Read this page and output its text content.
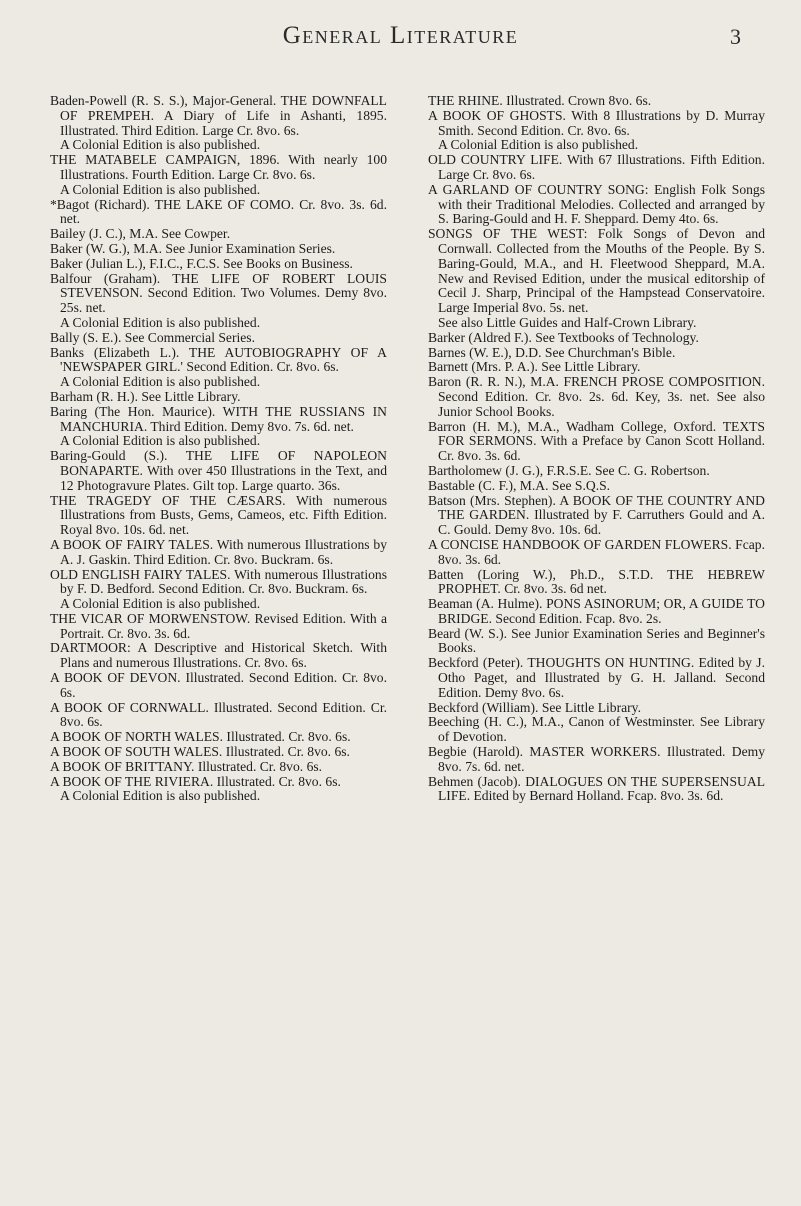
General Literature	3

Baden-Powell (R. S. S.), Major-General. THE DOWNFALL OF PREMPEH. A Diary of Life in Ashanti, 1895. Illustrated. Third Edition. Large Cr. 8vo. 6s.

A Colonial Edition is also published.

THE MATABELE CAMPAIGN, 1896. With nearly 100 Illustrations. Fourth Edition. Large Cr. 8vo. 6s.

A Colonial Edition is also published.

*Bagot (Richard). THE LAKE OF COMO. Cr. 8vo. 3s. 6d. net.

Bailey (J. C.), M.A. See Cowper.

Baker (W. G.), M.A. See Junior Examination Series.

Baker (Julian L.), F.I.C., F.C.S. See Books on Business.

Balfour (Graham). THE LIFE OF ROBERT LOUIS STEVENSON. Second Edition. Two Volumes. Demy 8vo. 25s. net.

A Colonial Edition is also published.

Bally (S. E.). See Commercial Series.

Banks (Elizabeth L.). THE AUTOBIOGRAPHY OF A 'NEWSPAPER GIRL.' Second Edition. Cr. 8vo. 6s.

A Colonial Edition is also published.

Barham (R. H.). See Little Library.

Baring (The Hon. Maurice). WITH THE RUSSIANS IN MANCHURIA. Third Edition. Demy 8vo. 7s. 6d. net.

A Colonial Edition is also published.

Baring-Gould (S.). THE LIFE OF NAPOLEON BONAPARTE. With over 450 Illustrations in the Text, and 12 Photogravure Plates. Gilt top. Large quarto. 36s.

THE TRAGEDY OF THE CÆSARS. With numerous Illustrations from Busts, Gems, Cameos, etc. Fifth Edition. Royal 8vo. 10s. 6d. net.

A BOOK OF FAIRY TALES. With numerous Illustrations by A. J. Gaskin. Third Edition. Cr. 8vo. Buckram. 6s.

OLD ENGLISH FAIRY TALES. With numerous Illustrations by F. D. Bedford. Second Edition. Cr. 8vo. Buckram. 6s.

A Colonial Edition is also published.

THE VICAR OF MORWENSTOW. Revised Edition. With a Portrait. Cr. 8vo. 3s. 6d.

DARTMOOR: A Descriptive and Historical Sketch. With Plans and numerous Illustrations. Cr. 8vo. 6s.

A BOOK OF DEVON. Illustrated. Second Edition. Cr. 8vo. 6s.

A BOOK OF CORNWALL. Illustrated. Second Edition. Cr. 8vo. 6s.

A BOOK OF NORTH WALES. Illustrated. Cr. 8vo. 6s.

A BOOK OF SOUTH WALES. Illustrated. Cr. 8vo. 6s.

A BOOK OF BRITTANY. Illustrated. Cr. 8vo. 6s.

A BOOK OF THE RIVIERA. Illustrated. Cr. 8vo. 6s.

A Colonial Edition is also published.

THE RHINE. Illustrated. Crown 8vo. 6s.

A BOOK OF GHOSTS. With 8 Illustrations by D. Murray Smith. Second Edition. Cr. 8vo. 6s.

A Colonial Edition is also published.

OLD COUNTRY LIFE. With 67 Illustrations. Fifth Edition. Large Cr. 8vo. 6s.

A GARLAND OF COUNTRY SONG: English Folk Songs with their Traditional Melodies. Collected and arranged by S. Baring-Gould and H. F. Sheppard. Demy 4to. 6s.

SONGS OF THE WEST: Folk Songs of Devon and Cornwall. Collected from the Mouths of the People. By S. Baring-Gould, M.A., and H. Fleetwood Sheppard, M.A. New and Revised Edition, under the musical editorship of Cecil J. Sharp, Principal of the Hampstead Conservatoire. Large Imperial 8vo. 5s. net.

See also Little Guides and Half-Crown Library.

Barker (Aldred F.). See Textbooks of Technology.

Barnes (W. E.), D.D. See Churchman's Bible.

Barnett (Mrs. P. A.). See Little Library.

Baron (R. R. N.), M.A. FRENCH PROSE COMPOSITION. Second Edition. Cr. 8vo. 2s. 6d. Key, 3s. net. See also Junior School Books.

Barron (H. M.), M.A., Wadham College, Oxford. TEXTS FOR SERMONS. With a Preface by Canon Scott Holland. Cr. 8vo. 3s. 6d.

Bartholomew (J. G.), F.R.S.E. See C. G. Robertson.

Bastable (C. F.), M.A. See S.Q.S.

Batson (Mrs. Stephen). A BOOK OF THE COUNTRY AND THE GARDEN. Illustrated by F. Carruthers Gould and A. C. Gould. Demy 8vo. 10s. 6d.

A CONCISE HANDBOOK OF GARDEN FLOWERS. Fcap. 8vo. 3s. 6d.

Batten (Loring W.), Ph.D., S.T.D. THE HEBREW PROPHET. Cr. 8vo. 3s. 6d net.

Beaman (A. Hulme). PONS ASINORUM; OR, A GUIDE TO BRIDGE. Second Edition. Fcap. 8vo. 2s.

Beard (W. S.). See Junior Examination Series and Beginner's Books.

Beckford (Peter). THOUGHTS ON HUNTING. Edited by J. Otho Paget, and Illustrated by G. H. Jalland. Second Edition. Demy 8vo. 6s.

Beckford (William). See Little Library.

Beeching (H. C.), M.A., Canon of Westminster. See Library of Devotion.

Begbie (Harold). MASTER WORKERS. Illustrated. Demy 8vo. 7s. 6d. net.

Behmen (Jacob). DIALOGUES ON THE SUPERSENSUAL LIFE. Edited by Bernard Holland. Fcap. 8vo. 3s. 6d.
